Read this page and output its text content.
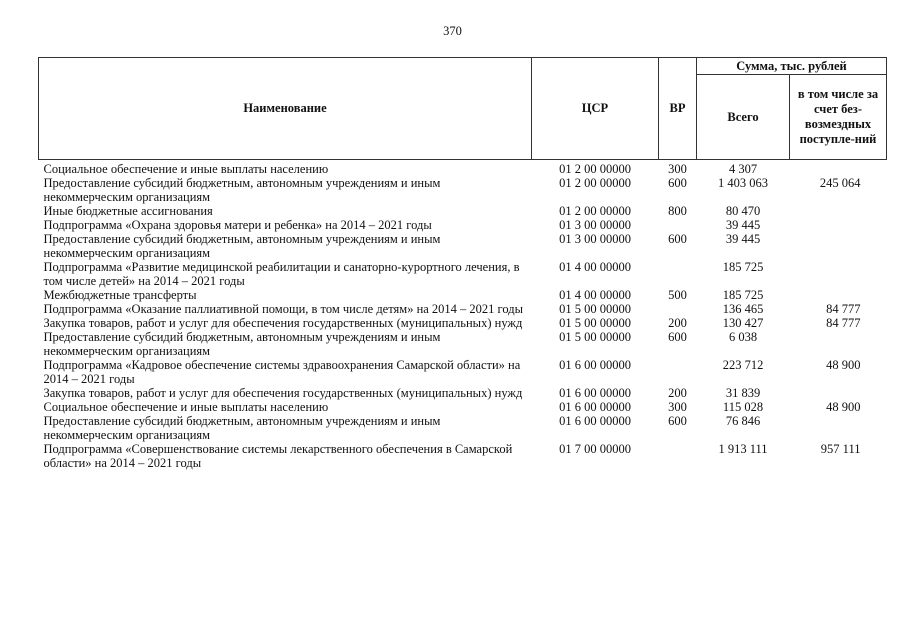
370
Наименование	ЦСР	ВР	Сумма, тыс. рублей	
			Всего	в том числе за счет без-возмездных поступле-ний
Социальное обеспечение и иные выплаты населению	01 2 00 00000	300	4 307	
Предоставление субсидий бюджетным, автономным учреждениям и иным некоммерческим организациям	01 2 00 00000	600	1 403 063	245 064
Иные бюджетные ассигнования	01 2 00 00000	800	80 470	
Подпрограмма «Охрана здоровья матери и ребенка» на 2014 – 2021 годы	01 3 00 00000		39 445	
Предоставление субсидий бюджетным, автономным учреждениям и иным некоммерческим организациям	01 3 00 00000	600	39 445	
Подпрограмма «Развитие медицинской реабилитации и санаторно-курортного лечения, в том числе детей» на 2014 – 2021 годы	01 4 00 00000		185 725	
Межбюджетные трансферты	01 4 00 00000	500	185 725	
Подпрограмма «Оказание паллиативной помощи, в том числе детям» на 2014 – 2021 годы	01 5 00 00000		136 465	84 777
Закупка товаров, работ и услуг для обеспечения государственных (муниципальных) нужд	01 5 00 00000	200	130 427	84 777
Предоставление субсидий бюджетным, автономным учреждениям и иным некоммерческим организациям	01 5 00 00000	600	6 038	
Подпрограмма «Кадровое обеспечение системы здравоохранения Самарской области» на 2014 – 2021 годы	01 6 00 00000		223 712	48 900
Закупка товаров, работ и услуг для обеспечения государственных (муниципальных) нужд	01 6 00 00000	200	31 839	
Социальное обеспечение и иные выплаты населению	01 6 00 00000	300	115 028	48 900
Предоставление субсидий бюджетным, автономным учреждениям и иным некоммерческим организациям	01 6 00 00000	600	76 846	
Подпрограмма «Совершенствование системы лекарственного обеспечения в Самарской области» на 2014 – 2021 годы	01 7 00 00000		1 913 111	957 111
